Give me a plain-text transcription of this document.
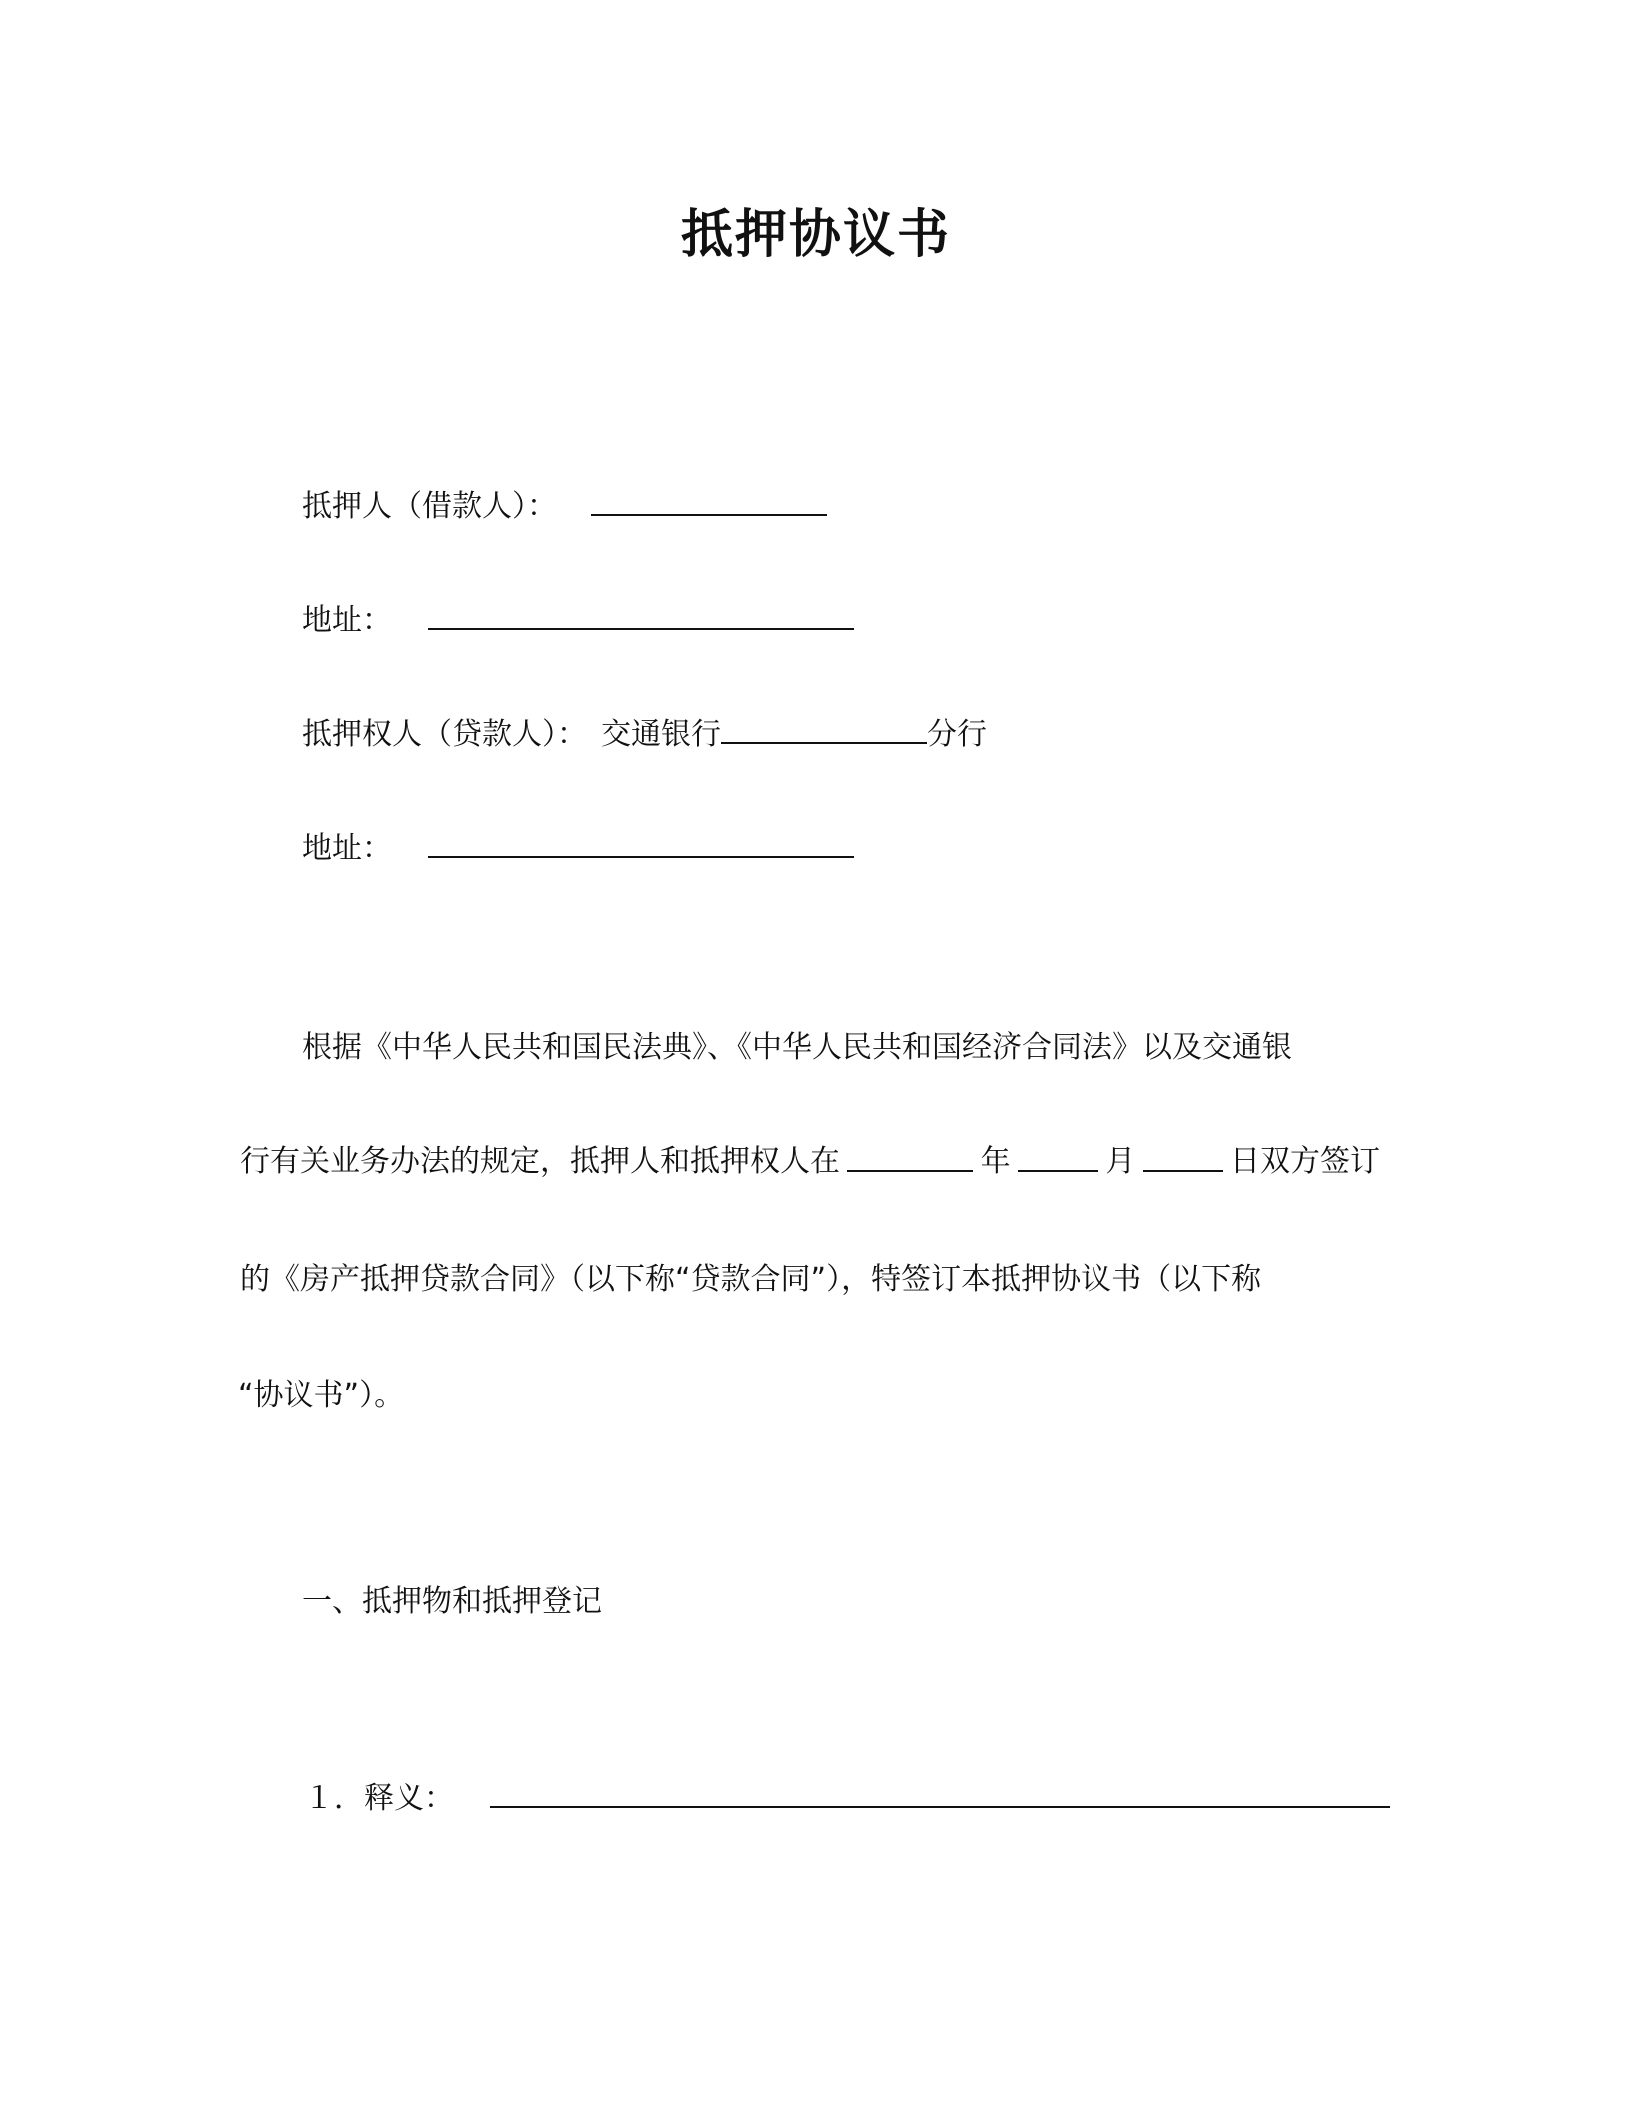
抵押协议书
抵押人（借款人）：
地址：
抵押权人（贷款人）： 交通银行	分行
地址：
根据《中华人民共和国民法典》、《中华人民共和国经济合同法》以及交通银
行有关业务办法的规定，抵押人和抵押权人在	年	月	日双方签订
的《房产抵押贷款合同》（以下称“贷款合同”），特签订本抵押协议书（以下称
“协议书”）。
一、抵押物和抵押登记
１．释义：
